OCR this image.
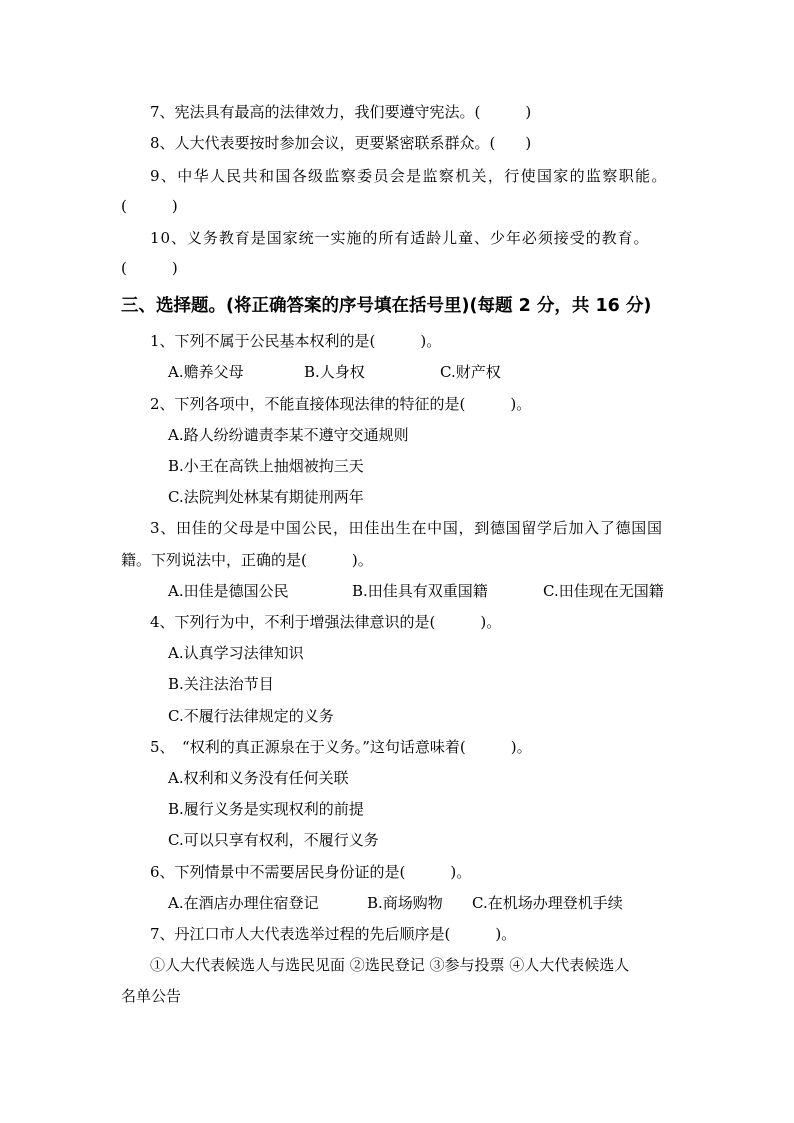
7、宪法具有最高的法律效力，我们要遵守宪法。(　　　)
8、人大代表要按时参加会议，更要紧密联系群众。(　　)
9、中华人民共和国各级监察委员会是监察机关，行使国家的监察职能。
(　　　)
10、义务教育是国家统一实施的所有适龄儿童、少年必须接受的教育。
(　　　)
三、选择题。(将正确答案的序号填在括号里)(每题 2 分，共 16 分)
1、下列不属于公民基本权利的是(　　　)。
A.赡养父母	B.人身权	C.财产权
2、下列各项中，不能直接体现法律的特征的是(　　　)。
A.路人纷纷谴责李某不遵守交通规则
B.小王在高铁上抽烟被拘三天
C.法院判处林某有期徒刑两年
3、田佳的父母是中国公民，田佳出生在中国，到德国留学后加入了德国国
籍。下列说法中，正确的是(　　　)。
A.田佳是德国公民	B.田佳具有双重国籍	C.田佳现在无国籍
4、下列行为中，不利于增强法律意识的是(　　　)。
A.认真学习法律知识
B.关注法治节目
C.不履行法律规定的义务
5、　“权利的真正源泉在于义务。”这句话意味着(　　　)。
A.权利和义务没有任何关联
B.履行义务是实现权利的前提
C.可以只享有权利，不履行义务
6、下列情景中不需要居民身份证的是(　　　)。
A.在酒店办理住宿登记	B.商场购物 C.在机场办理登机手续
7、丹江口市人大代表选举过程的先后顺序是(　　　)。
①人大代表候选人与选民见面 ②选民登记 ③参与投票 ④人大代表候选人
名单公告
